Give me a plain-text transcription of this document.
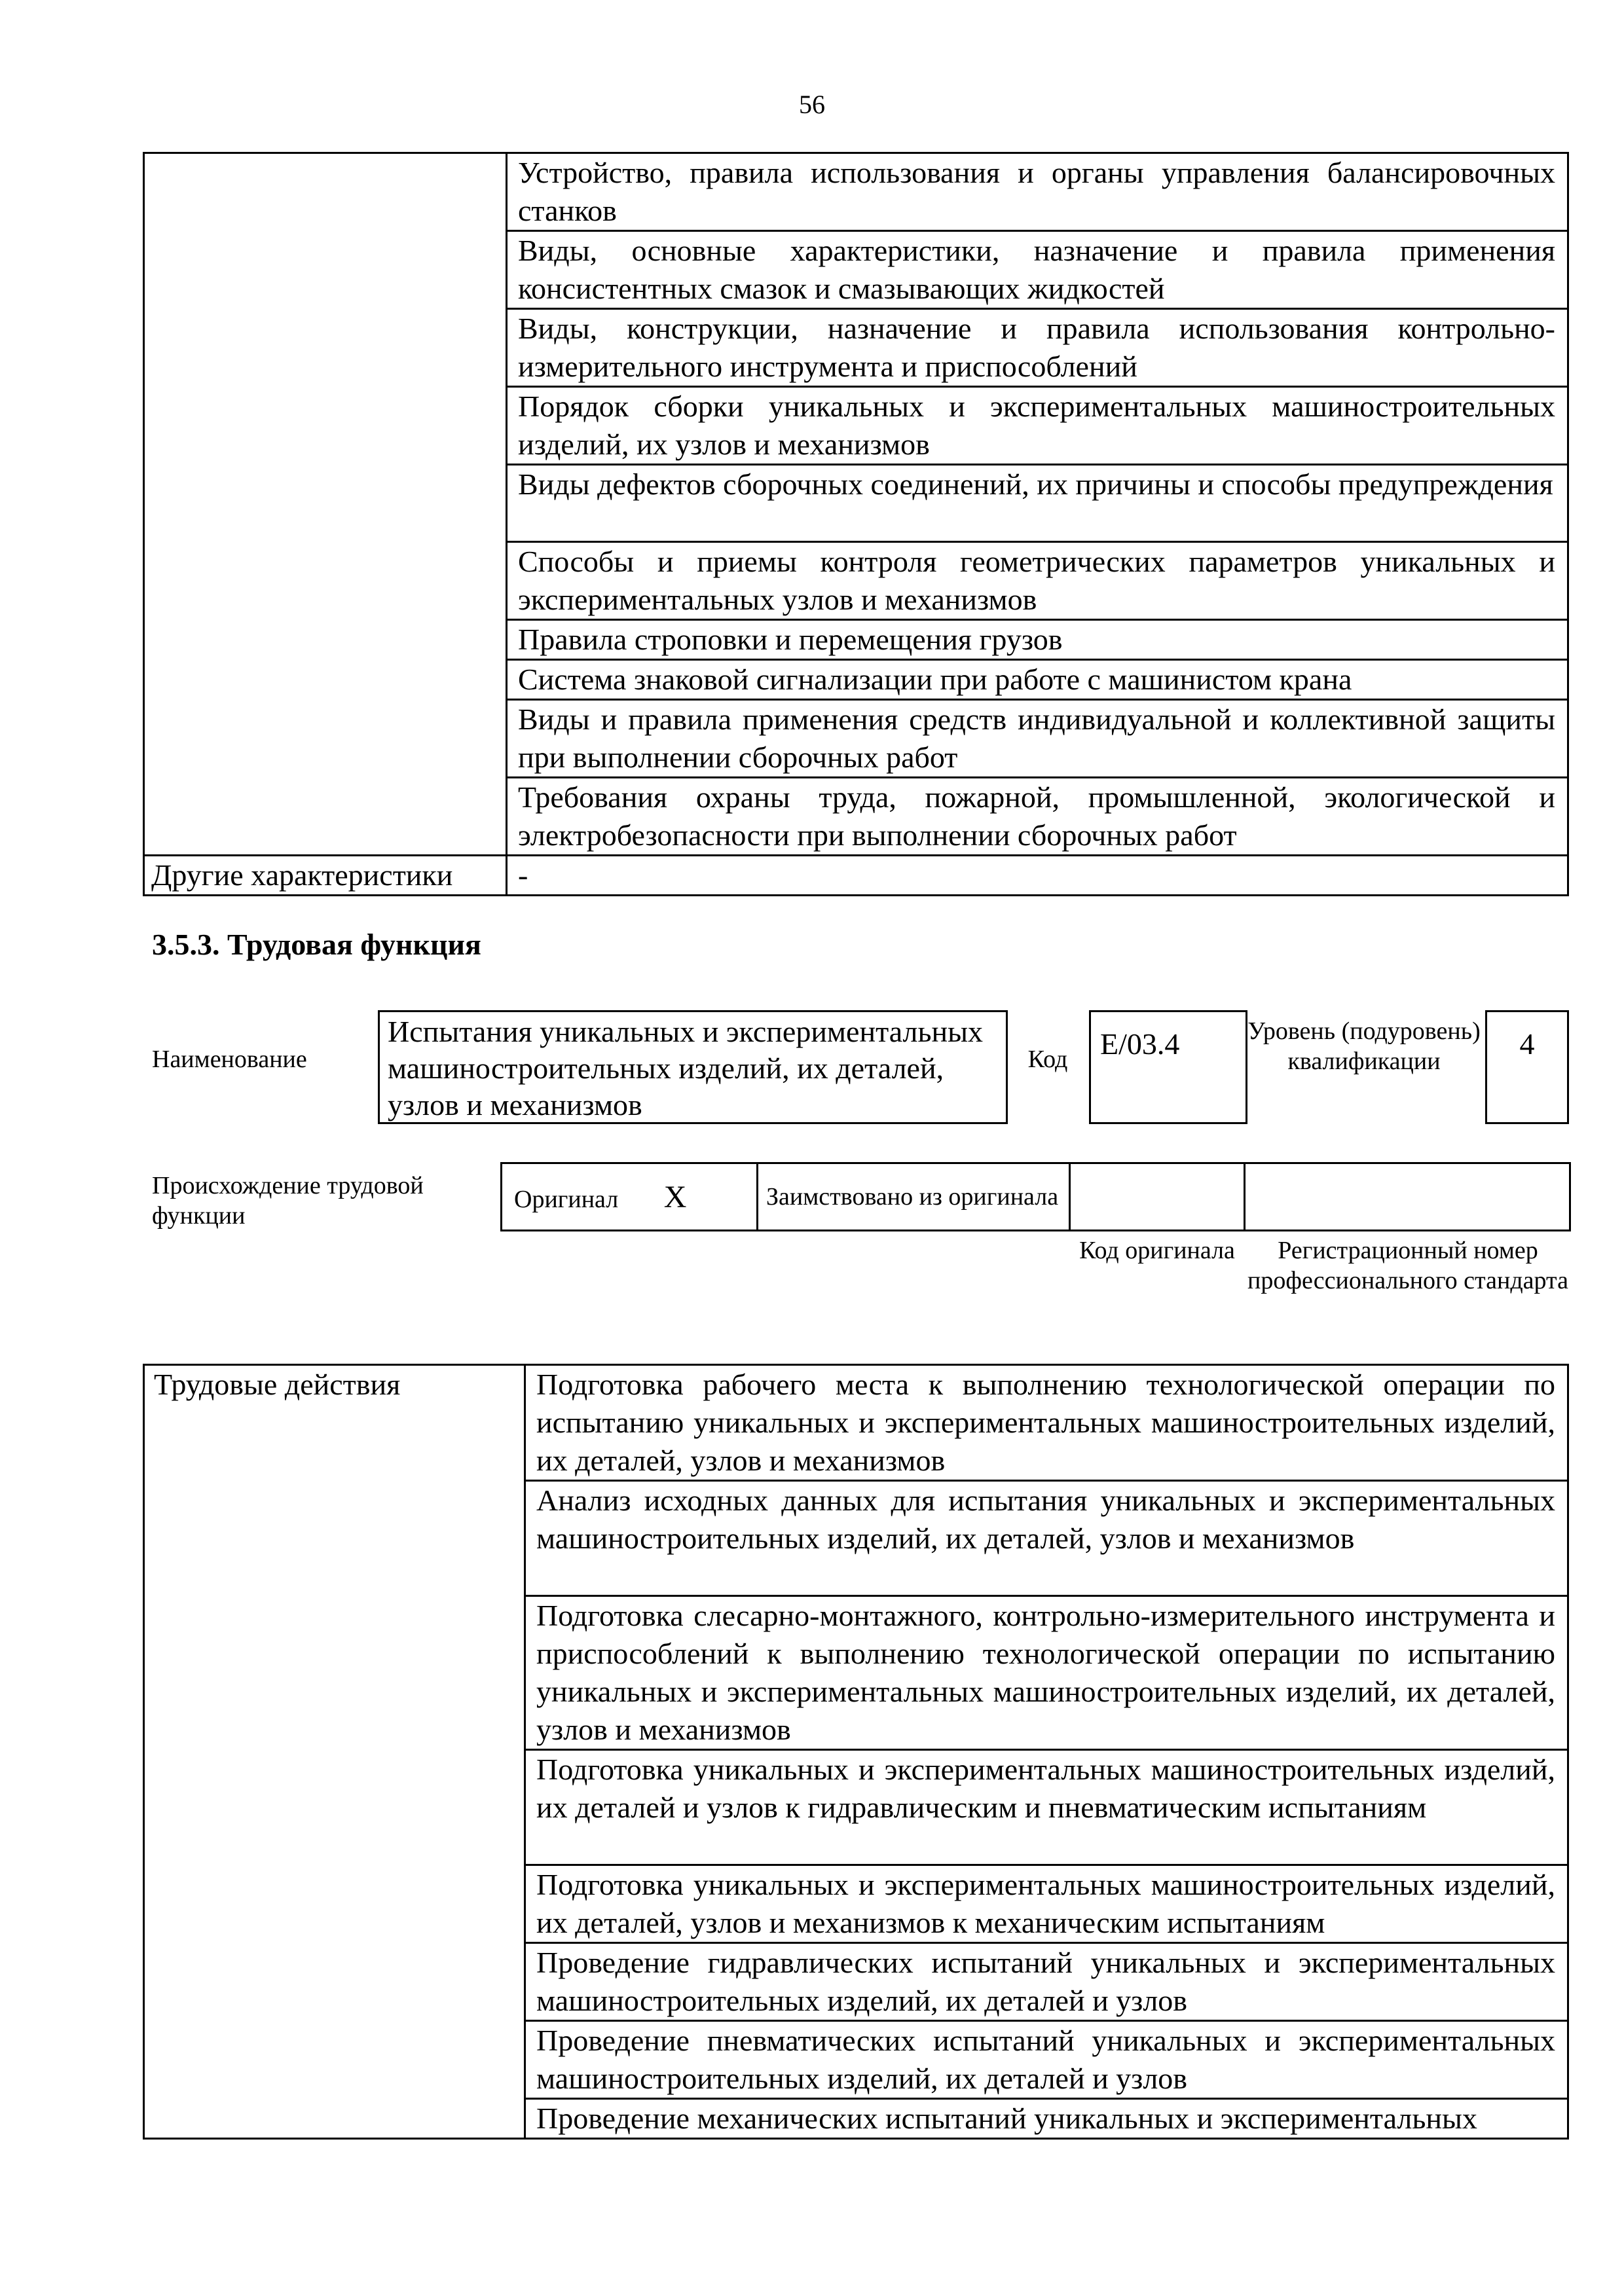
56
	Устройство, правила использования и органы управления балансировочных станков
	Виды, основные характеристики, назначение и правила применения консистентных смазок и смазывающих жидкостей
	Виды, конструкции, назначение и правила использования контрольно-измерительного инструмента и приспособлений
	Порядок сборки уникальных и экспериментальных машиностроительных изделий, их узлов и механизмов
	Виды дефектов сборочных соединений, их причины и способы предупреждения
	Способы и приемы контроля геометрических параметров уникальных и экспериментальных узлов и механизмов
	Правила строповки и перемещения грузов
	Система знаковой сигнализации при работе с машинистом крана
	Виды и правила применения средств индивидуальной и коллективной защиты при выполнении сборочных работ
	Требования охраны труда, пожарной, промышленной, экологической и электробезопасности при выполнении сборочных работ
Другие характеристики	-
3.5.3. Трудовая функция
Наименование
Испытания уникальных и экспериментальных машиностроительных изделий, их деталей, узлов и механизмов
Код	Е/03.4	Уровень (подуровень) квалификации
4
Происхождение трудовой функции
Оригинал X	Заимствовано из оригинала		
Код оригинала	Регистрационный номер профессионального стандарта
Трудовые действия	Подготовка рабочего места к выполнению технологической операции по испытанию уникальных и экспериментальных машиностроительных изделий, их деталей, узлов и механизмов
Анализ исходных данных для испытания уникальных и экспериментальных машиностроительных изделий, их деталей, узлов и механизмов
Подготовка слесарно-монтажного, контрольно-измерительного инструмента и приспособлений к выполнению технологической операции по испытанию уникальных и экспериментальных машиностроительных изделий, их деталей, узлов и механизмов
Подготовка уникальных и экспериментальных машиностроительных изделий, их деталей и узлов к гидравлическим и пневматическим испытаниям
Подготовка уникальных и экспериментальных машиностроительных изделий, их деталей, узлов и механизмов к механическим испытаниям
Проведение гидравлических испытаний уникальных и экспериментальных машиностроительных изделий, их деталей и узлов
Проведение пневматических испытаний уникальных и экспериментальных машиностроительных изделий, их деталей и узлов
Проведение механических испытаний уникальных и экспериментальных
